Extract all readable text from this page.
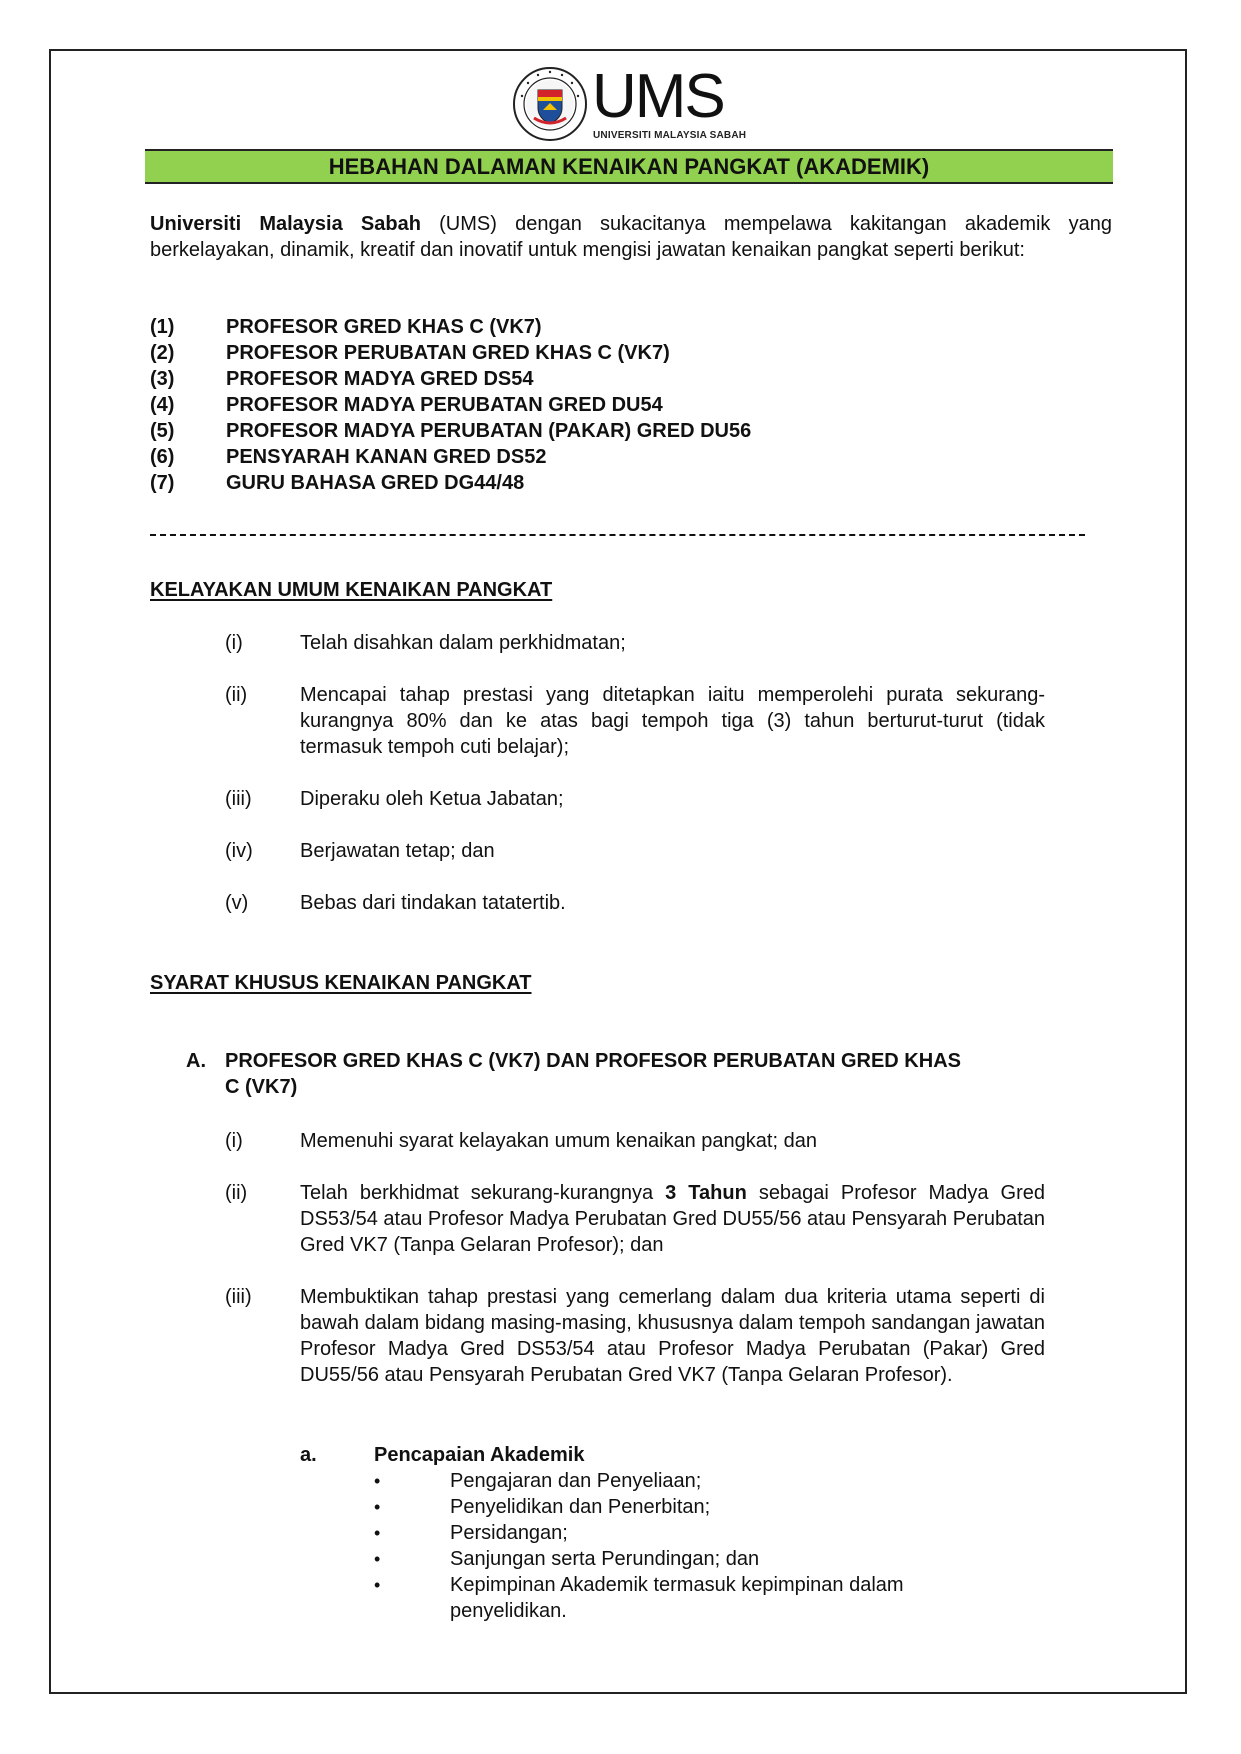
UMS
UNIVERSITI MALAYSIA SABAH
HEBAHAN DALAMAN KENAIKAN PANGKAT (AKADEMIK)
Universiti Malaysia Sabah (UMS) dengan sukacitanya mempelawa kakitangan akademik yang berkelayakan, dinamik, kreatif dan inovatif untuk mengisi jawatan kenaikan pangkat seperti berikut:
(1)	PROFESOR GRED KHAS C (VK7)
(2)	PROFESOR PERUBATAN GRED KHAS C (VK7)
(3)	PROFESOR MADYA GRED DS54
(4)	PROFESOR MADYA PERUBATAN GRED DU54
(5)	PROFESOR MADYA PERUBATAN (PAKAR) GRED DU56
(6)	PENSYARAH KANAN GRED DS52
(7)	GURU BAHASA GRED DG44/48
KELAYAKAN UMUM KENAIKAN PANGKAT
(i)	Telah disahkan dalam perkhidmatan;
(ii)	Mencapai tahap prestasi yang ditetapkan iaitu memperolehi purata sekurang-kurangnya 80% dan ke atas bagi tempoh tiga (3) tahun berturut-turut (tidak termasuk tempoh cuti belajar);
(iii) Diperaku oleh Ketua Jabatan;
(iv) Berjawatan tetap; dan
(v)	Bebas dari tindakan tatatertib.
SYARAT KHUSUS KENAIKAN PANGKAT
A. PROFESOR GRED KHAS C (VK7) DAN PROFESOR PERUBATAN GRED KHAS
C (VK7)
(i)	Memenuhi syarat kelayakan umum kenaikan pangkat; dan
(ii)	Telah berkhidmat sekurang-kurangnya 3 Tahun sebagai Profesor Madya Gred DS53/54 atau Profesor Madya Perubatan Gred DU55/56 atau Pensyarah Perubatan Gred VK7 (Tanpa Gelaran Profesor); dan
(iii) Membuktikan tahap prestasi yang cemerlang dalam dua kriteria utama seperti di bawah dalam bidang masing-masing, khususnya dalam tempoh sandangan jawatan Profesor Madya Gred DS53/54 atau Profesor Madya Perubatan (Pakar) Gred DU55/56 atau Pensyarah Perubatan Gred VK7 (Tanpa Gelaran Profesor).
a.	Pencapaian Akademik
•	Pengajaran dan Penyeliaan;
•	Penyelidikan dan Penerbitan;
•	Persidangan;
•	Sanjungan serta Perundingan; dan
•	Kepimpinan Akademik termasuk kepimpinan dalam penyelidikan.
